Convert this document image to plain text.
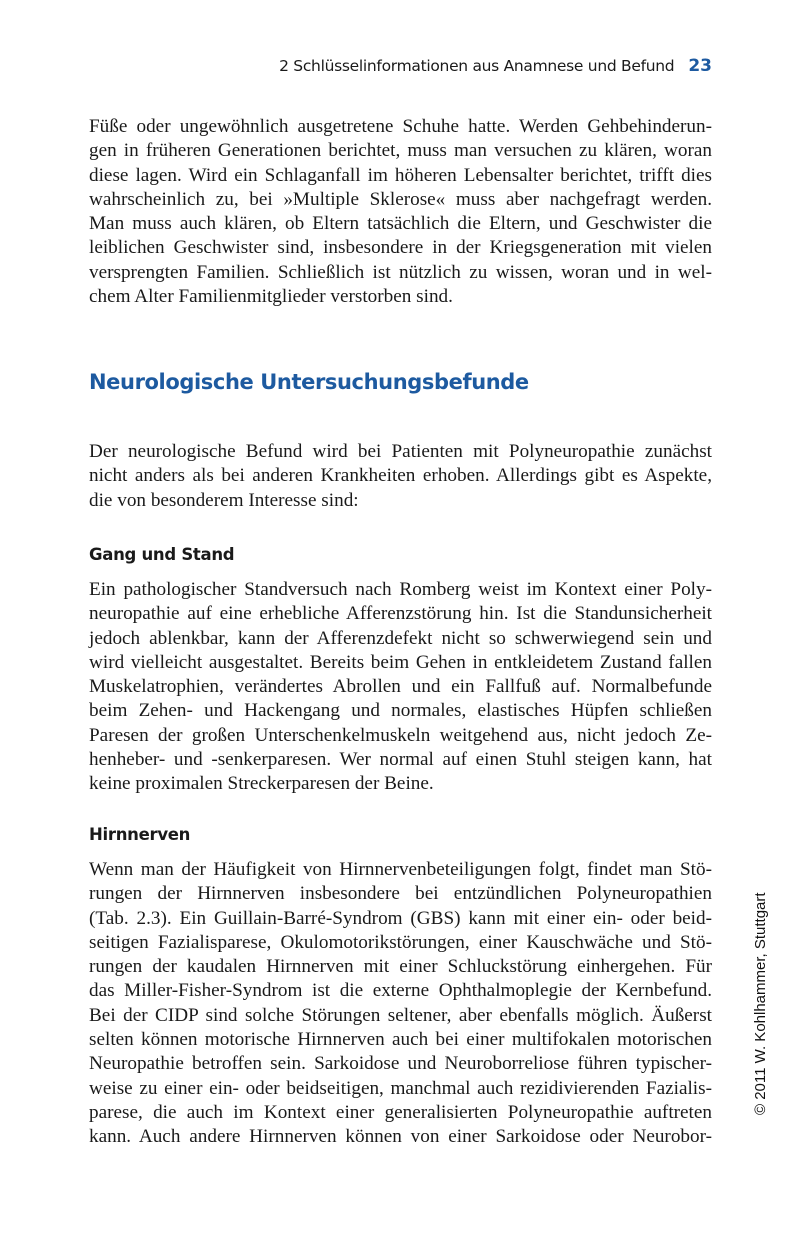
2 Schlüsselinformationen aus Anamnese und Befund 23
Füße oder ungewöhnlich ausgetretene Schuhe hatte. Werden Gehbehinderun-
gen in früheren Generationen berichtet, muss man versuchen zu klären, woran
diese lagen. Wird ein Schlaganfall im höheren Lebensalter berichtet, trifft dies
wahrscheinlich zu, bei »Multiple Sklerose« muss aber nachgefragt werden.
Man muss auch klären, ob Eltern tatsächlich die Eltern, und Geschwister die
leiblichen Geschwister sind, insbesondere in der Kriegsgeneration mit vielen
versprengten Familien. Schließlich ist nützlich zu wissen, woran und in wel-
chem Alter Familienmitglieder verstorben sind.
Neurologische Untersuchungsbefunde
Der neurologische Befund wird bei Patienten mit Polyneuropathie zunächst
nicht anders als bei anderen Krankheiten erhoben. Allerdings gibt es Aspekte,
die von besonderem Interesse sind:
Gang und Stand
Ein pathologischer Standversuch nach Romberg weist im Kontext einer Poly-
neuropathie auf eine erhebliche Afferenzstörung hin. Ist die Standunsicherheit
jedoch ablenkbar, kann der Afferenzdefekt nicht so schwerwiegend sein und
wird vielleicht ausgestaltet. Bereits beim Gehen in entkleidetem Zustand fallen
Muskelatrophien, verändertes Abrollen und ein Fallfuß auf. Normalbefunde
beim Zehen- und Hackengang und normales, elastisches Hüpfen schließen
Paresen der großen Unterschenkelmuskeln weitgehend aus, nicht jedoch Ze-
henheber- und -senkerparesen. Wer normal auf einen Stuhl steigen kann, hat
keine proximalen Streckerparesen der Beine.
Hirnnerven
Wenn man der Häufigkeit von Hirnnervenbeteiligungen folgt, findet man Stö-
rungen der Hirnnerven insbesondere bei entzündlichen Polyneuropathien
(Tab. 2.3). Ein Guillain-Barré-Syndrom (GBS) kann mit einer ein- oder beid-
seitigen Fazialisparese, Okulomotorikstörungen, einer Kauschwäche und Stö-
rungen der kaudalen Hirnnerven mit einer Schluckstörung einhergehen. Für
das Miller-Fisher-Syndrom ist die externe Ophthalmoplegie der Kernbefund.
Bei der CIDP sind solche Störungen seltener, aber ebenfalls möglich. Äußerst
selten können motorische Hirnnerven auch bei einer multifokalen motorischen
Neuropathie betroffen sein. Sarkoidose und Neuroborreliose führen typischer-
weise zu einer ein- oder beidseitigen, manchmal auch rezidivierenden Fazialis-
parese, die auch im Kontext einer generalisierten Polyneuropathie auftreten
kann. Auch andere Hirnnerven können von einer Sarkoidose oder Neurobor-
© 2011 W. Kohlhammer, Stuttgart
